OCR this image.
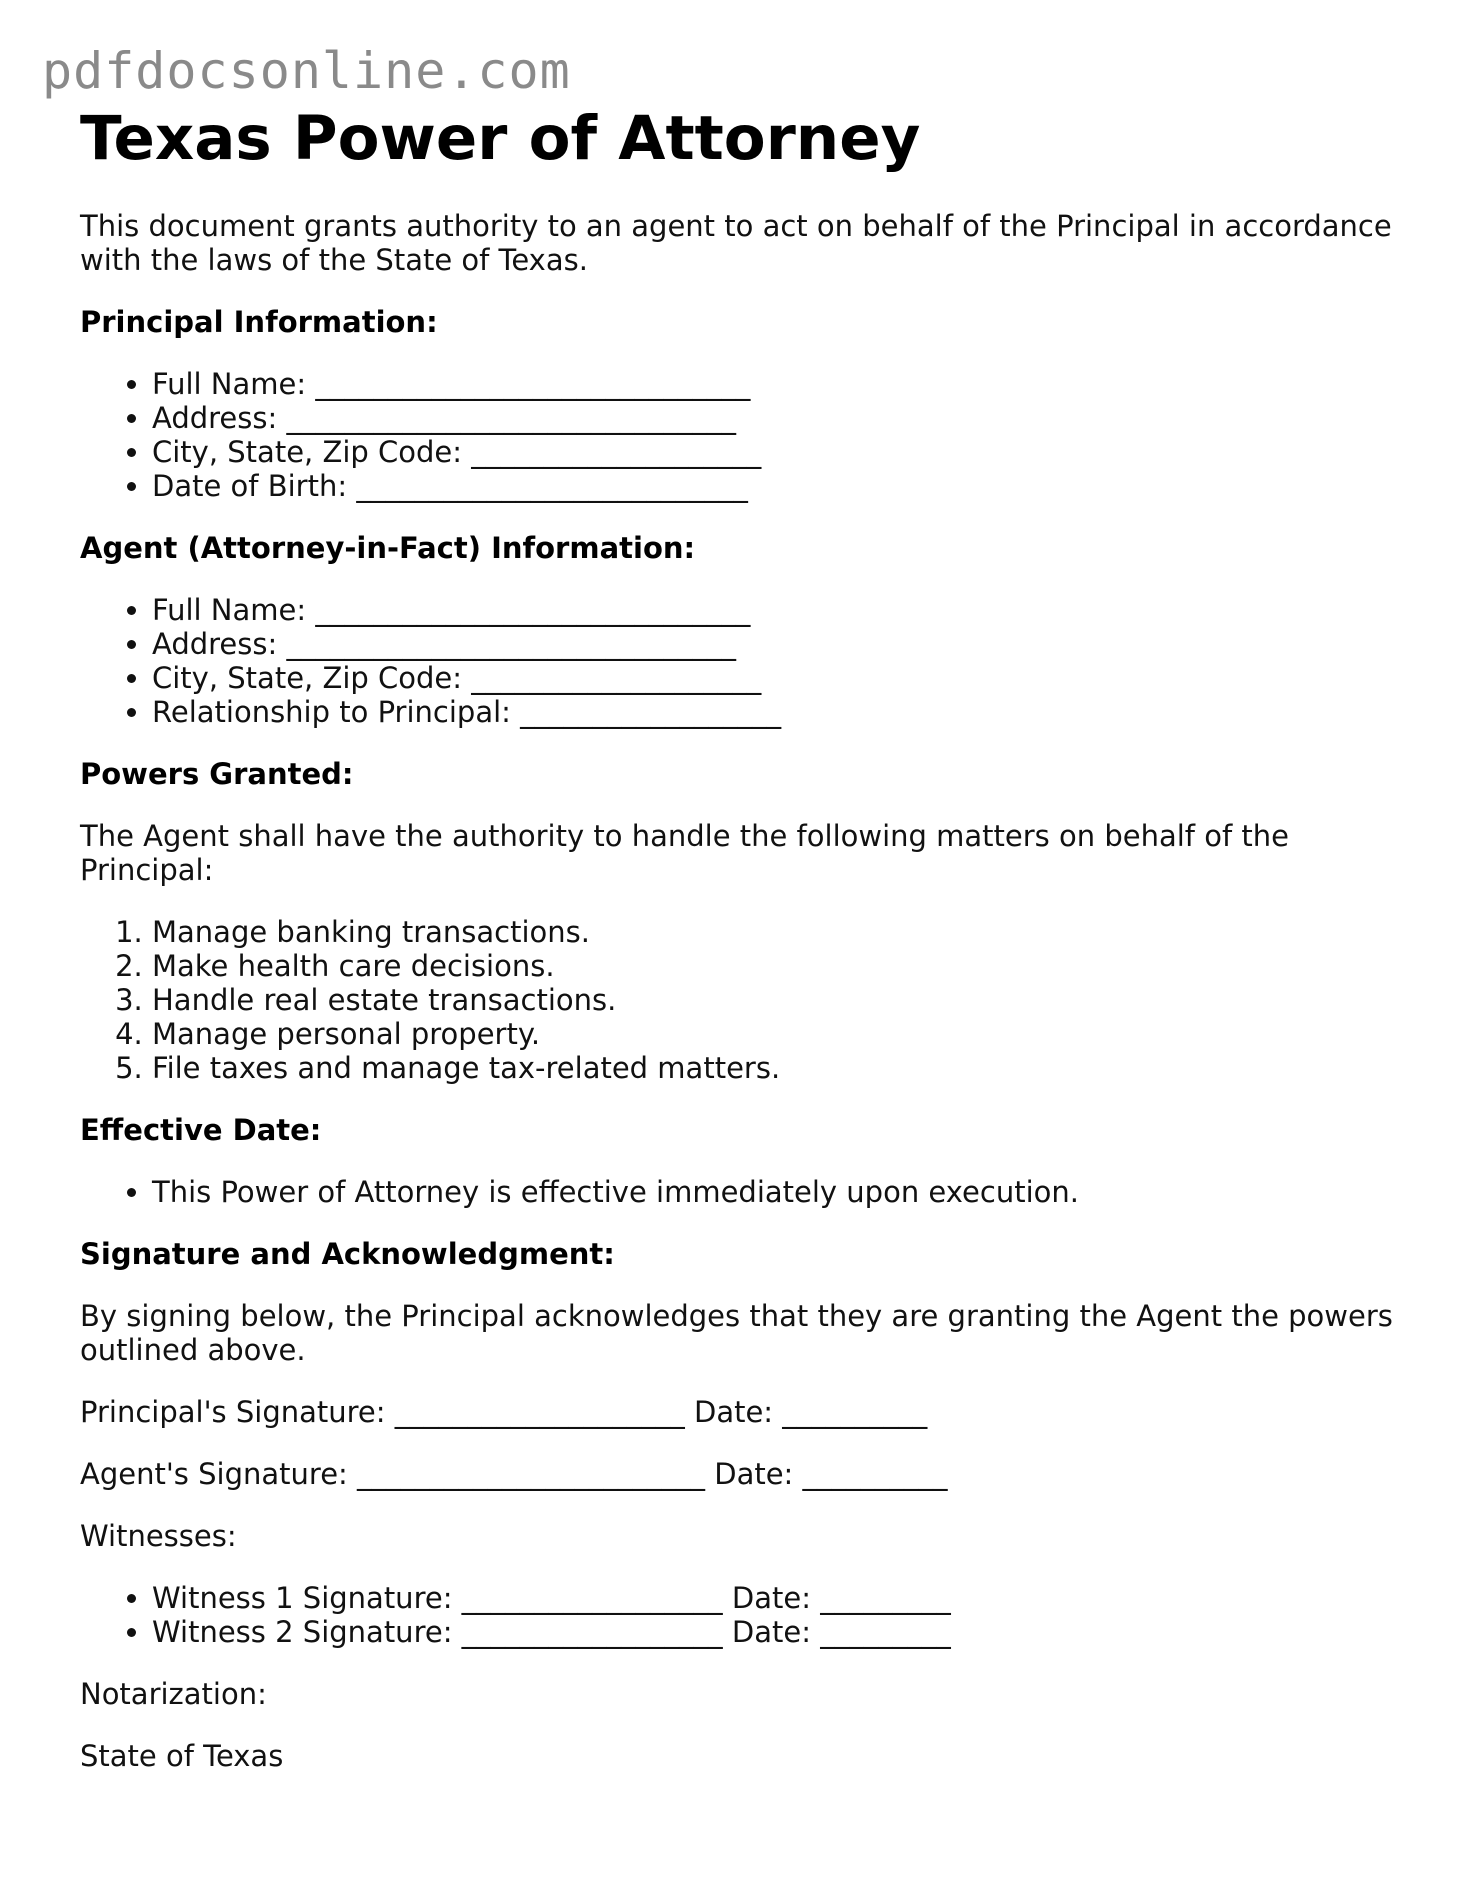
pdfdocsonline.com
Texas Power of Attorney

This document grants authority to an agent to act on behalf of the Principal in accordance with the laws of the State of Texas.

Principal Information:
• Full Name: ______________________________
• Address: _______________________________
• City, State, Zip Code: ____________________
• Date of Birth: ___________________________
Agent (Attorney-in-Fact) Information:
• Full Name: ______________________________
• Address: _______________________________
• City, State, Zip Code: ____________________
• Relationship to Principal: __________________
Powers Granted:

The Agent shall have the authority to handle the following matters on behalf of the Principal:

1. Manage banking transactions.
2. Make health care decisions.
3. Handle real estate transactions.
4. Manage personal property.
5. File taxes and manage tax-related matters.
Effective Date:
• This Power of Attorney is effective immediately upon execution.
Signature and Acknowledgment:

By signing below, the Principal acknowledges that they are granting the Agent the powers outlined above.

Principal's Signature: ____________________ Date: __________
Agent's Signature: ________________________ Date: __________
Witnesses:
• Witness 1 Signature: __________________ Date: _________
• Witness 2 Signature: __________________ Date: _________
Notarization:
State of Texas
